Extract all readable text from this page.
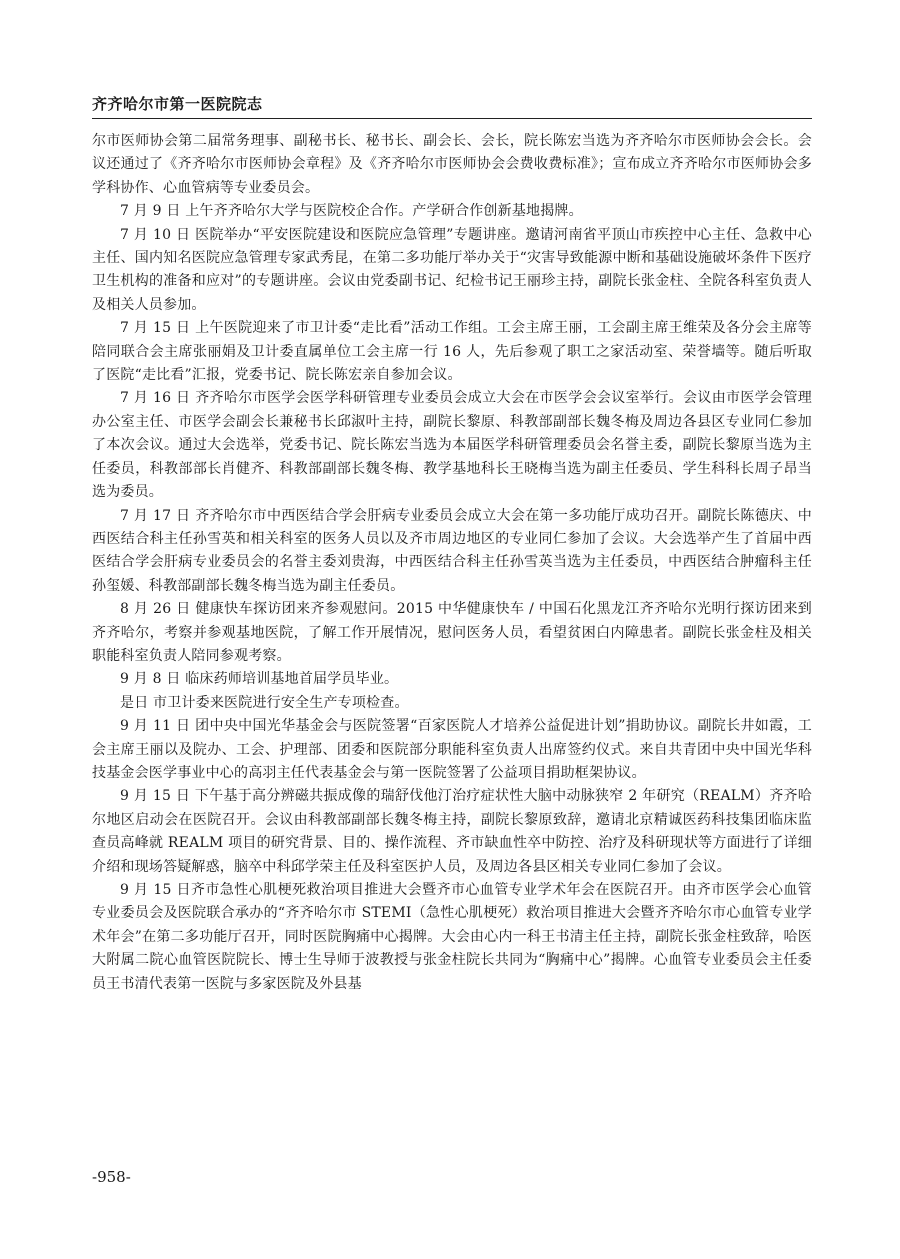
齐齐哈尔市第一医院院志

尔市医师协会第二届常务理事、副秘书长、秘书长、副会长、会长，院长陈宏当选为齐齐哈尔市医师协会会长。会议还通过了《齐齐哈尔市医师协会章程》及《齐齐哈尔市医师协会会费收费标准》；宣布成立齐齐哈尔市医师协会多学科协作、心血管病等专业委员会。

7 月 9 日 上午齐齐哈尔大学与医院校企合作。产学研合作创新基地揭牌。

7 月 10 日 医院举办“平安医院建设和医院应急管理”专题讲座。邀请河南省平顶山市疾控中心主任、急救中心主任、国内知名医院应急管理专家武秀昆，在第二多功能厅举办关于“灾害导致能源中断和基础设施破坏条件下医疗卫生机构的准备和应对”的专题讲座。会议由党委副书记、纪检书记王丽珍主持，副院长张金柱、全院各科室负责人及相关人员参加。

7 月 15 日 上午医院迎来了市卫计委“走比看”活动工作组。工会主席王丽，工会副主席王维荣及各分会主席等陪同联合会主席张丽娟及卫计委直属单位工会主席一行 16 人，先后参观了职工之家活动室、荣誉墙等。随后听取了医院“走比看”汇报，党委书记、院长陈宏亲自参加会议。

7 月 16 日 齐齐哈尔市医学会医学科研管理专业委员会成立大会在市医学会会议室举行。会议由市医学会管理办公室主任、市医学会副会长兼秘书长邱淑叶主持，副院长黎原、科教部副部长魏冬梅及周边各县区专业同仁参加了本次会议。通过大会选举，党委书记、院长陈宏当选为本届医学科研管理委员会名誉主委，副院长黎原当选为主任委员，科教部部长肖健齐、科教部副部长魏冬梅、教学基地科长王晓梅当选为副主任委员、学生科科长周子昂当选为委员。

7 月 17 日 齐齐哈尔市中西医结合学会肝病专业委员会成立大会在第一多功能厅成功召开。副院长陈德庆、中西医结合科主任孙雪英和相关科室的医务人员以及齐市周边地区的专业同仁参加了会议。大会选举产生了首届中西医结合学会肝病专业委员会的名誉主委刘贵海，中西医结合科主任孙雪英当选为主任委员，中西医结合肿瘤科主任孙玺媛、科教部副部长魏冬梅当选为副主任委员。

8 月 26 日 健康快车探访团来齐参观慰问。2015 中华健康快车 / 中国石化黑龙江齐齐哈尔光明行探访团来到齐齐哈尔，考察并参观基地医院，了解工作开展情况，慰问医务人员，看望贫困白内障患者。副院长张金柱及相关职能科室负责人陪同参观考察。

9 月 8 日 临床药师培训基地首届学员毕业。

是日 市卫计委来医院进行安全生产专项检查。

9 月 11 日 团中央中国光华基金会与医院签署“百家医院人才培养公益促进计划”捐助协议。副院长井如霞，工会主席王丽以及院办、工会、护理部、团委和医院部分职能科室负责人出席签约仪式。来自共青团中央中国光华科技基金会医学事业中心的高羽主任代表基金会与第一医院签署了公益项目捐助框架协议。

9 月 15 日 下午基于高分辨磁共振成像的瑞舒伐他汀治疗症状性大脑中动脉狭窄 2 年研究（REALM）齐齐哈尔地区启动会在医院召开。会议由科教部副部长魏冬梅主持，副院长黎原致辞，邀请北京精诚医药科技集团临床监查员高峰就 REALM 项目的研究背景、目的、操作流程、齐市缺血性卒中防控、治疗及科研现状等方面进行了详细介绍和现场答疑解惑，脑卒中科邱学荣主任及科室医护人员，及周边各县区相关专业同仁参加了会议。

9 月 15 日齐市急性心肌梗死救治项目推进大会暨齐市心血管专业学术年会在医院召开。由齐市医学会心血管专业委员会及医院联合承办的“齐齐哈尔市 STEMI（急性心肌梗死）救治项目推进大会暨齐齐哈尔市心血管专业学术年会”在第二多功能厅召开，同时医院胸痛中心揭牌。大会由心内一科王书清主任主持，副院长张金柱致辞，哈医大附属二院心血管医院院长、博士生导师于波教授与张金柱院长共同为“胸痛中心”揭牌。心血管专业委员会主任委员王书清代表第一医院与多家医院及外县基

-958-
